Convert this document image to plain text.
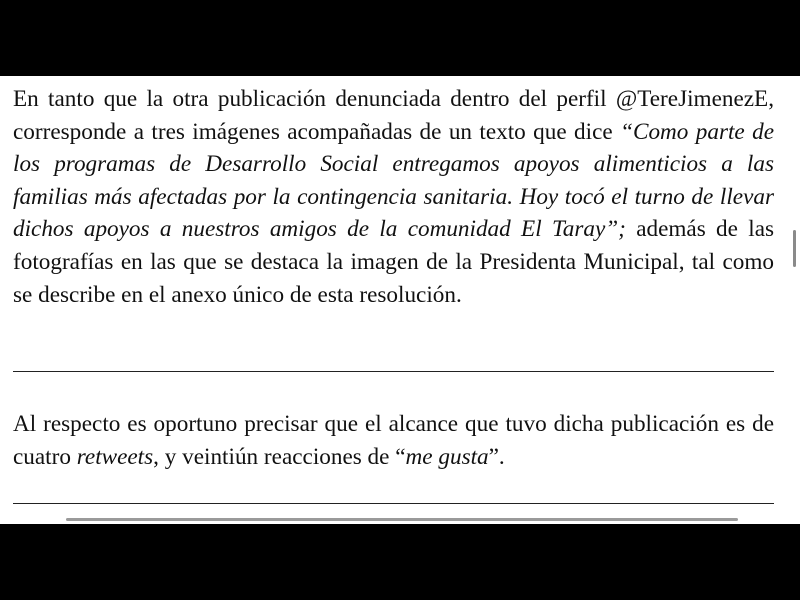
En tanto que la otra publicación denunciada dentro del perfil @TereJimenezE, corresponde a tres imágenes acompañadas de un texto que dice “Como parte de los programas de Desarrollo Social entregamos apoyos alimenticios a las familias más afectadas por la contingencia sanitaria. Hoy tocó el turno de llevar dichos apoyos a nuestros amigos de la comunidad El Taray”; además de las fotografías en las que se destaca la imagen de la Presidenta Municipal, tal como se describe en el anexo único de esta resolución.

Al respecto es oportuno precisar que el alcance que tuvo dicha publicación es de cuatro retweets, y veintiún reacciones de “me gusta”.
